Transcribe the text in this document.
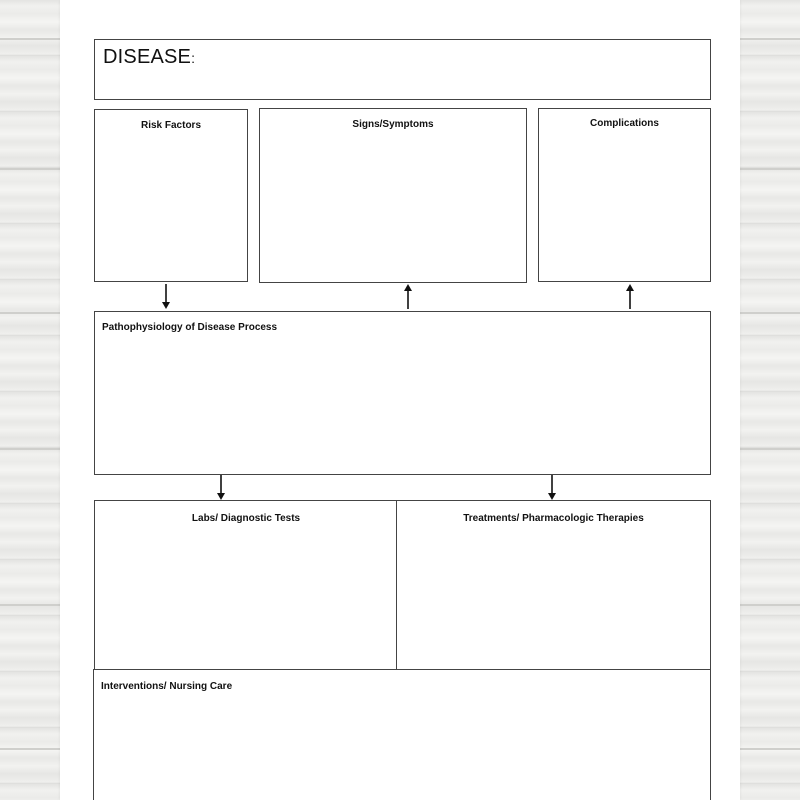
DISEASE:
Risk Factors	Signs/Symptoms	Complications
Pathophysiology of Disease Process
Labs/ Diagnostic Tests	Treatments/ Pharmacologic Therapies
Interventions/ Nursing Care
